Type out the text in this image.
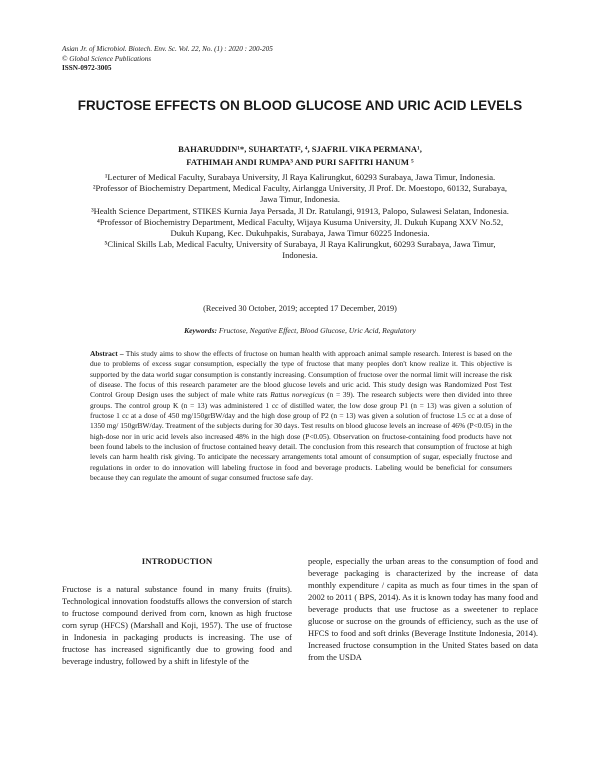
Asian Jr. of Microbiol. Biotech. Env. Sc. Vol. 22, No. (1) : 2020 : 200-205
© Global Science Publications
ISSN-0972-3005
FRUCTOSE EFFECTS ON BLOOD GLUCOSE AND URIC ACID LEVELS
BAHARUDDIN¹*, SUHARTATI², ⁴, SJAFRIL VIKA PERMANA¹,
FATHIMAH ANDI RUMPA³ AND PURI SAFITRI HANUM ⁵

¹Lecturer of Medical Faculty, Surabaya University, Jl Raya Kalirungkut, 60293 Surabaya, Jawa Timur, Indonesia.

²Professor of Biochemistry Department, Medical Faculty, Airlangga University, Jl Prof. Dr. Moestopo, 60132, Surabaya, Jawa Timur, Indonesia.

³Health Science Department, STIKES Kurnia Jaya Persada, Jl Dr. Ratulangi, 91913, Palopo, Sulawesi Selatan, Indonesia.

⁴Professor of Biochemistry Department, Medical Faculty, Wijaya Kusuma University, Jl. Dukuh Kupang XXV No.52, Dukuh Kupang, Kec. Dukuhpakis, Surabaya, Jawa Timur 60225 Indonesia.

⁵Clinical Skills Lab, Medical Faculty, University of Surabaya, Jl Raya Kalirungkut, 60293 Surabaya, Jawa Timur, Indonesia.

(Received 30 October, 2019; accepted 17 December, 2019)
Keywords: Fructose, Negative Effect, Blood Glucose, Uric Acid, Regulatory
Abstract – This study aims to show the effects of fructose on human health with approach animal sample research. Interest is based on the due to problems of excess sugar consumption, especially the type of fructose that many peoples don't know realize it. This objective is supported by the data world sugar consumption is constantly increasing. Consumption of fructose over the normal limit will increase the risk of disease. The focus of this research parameter are the blood glucose levels and uric acid. This study design was Randomized Post Test Control Group Design uses the subject of male white rats Rattus norvegicus (n = 39). The research subjects were then divided into three groups. The control group K (n = 13) was administered 1 cc of distilled water, the low dose group P1 (n = 13) was given a solution of fructose 1 cc at a dose of 450 mg/150grBW/day and the high dose group of P2 (n = 13) was given a solution of fructose 1.5 cc at a dose of 1350 mg/ 150grBW/day. Treatment of the subjects during for 30 days. Test results on blood glucose levels an increase of 46% (P<0.05) in the high-dose nor in uric acid levels also increased 48% in the high dose (P<0.05). Observation on fructose-containing food products have not been found labels to the inclusion of fructose contained heavy detail. The conclusion from this research that consumption of fructose at high levels can harm health risk giving. To anticipate the necessary arrangements total amount of consumption of sugar, especially fructose and regulations in order to do innovation will labeling fructose in food and beverage products. Labeling would be beneficial for consumers because they can regulate the amount of sugar consumed fructose safe day.
INTRODUCTION

Fructose is a natural substance found in many fruits (fruits). Technological innovation foodstuffs allows the conversion of starch to fructose compound derived from corn, known as high fructose corn syrup (HFCS) (Marshall and Koji, 1957). The use of fructose in Indonesia in packaging products is increasing. The use of fructose has increased significantly due to growing food and beverage industry, followed by a shift in lifestyle of the

people, especially the urban areas to the consumption of food and beverage packaging is characterized by the increase of data monthly expenditure / capita as much as four times in the span of 2002 to 2011 ( BPS, 2014). As it is known today has many food and beverage products that use fructose as a sweetener to replace glucose or sucrose on the grounds of efficiency, such as the use of HFCS to food and soft drinks (Beverage Institute Indonesia, 2014). Increased fructose consumption in the United States based on data from the USDA
